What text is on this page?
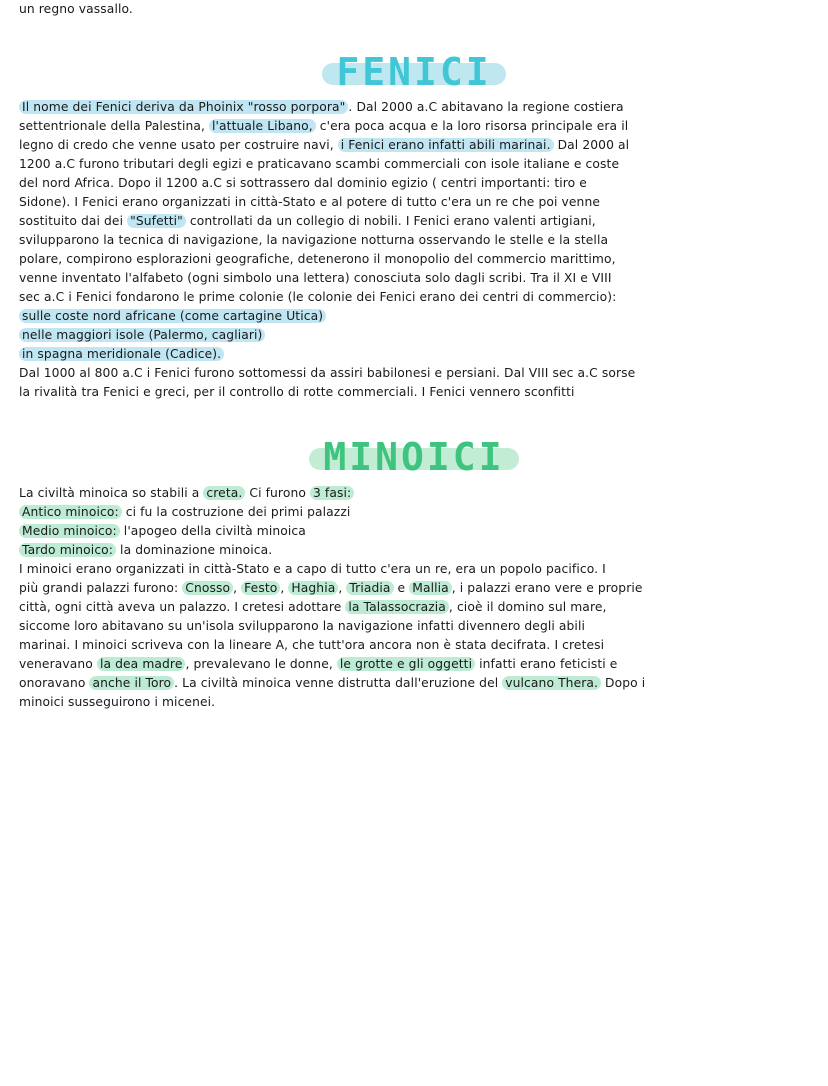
un regno vassallo.
FENICI
Il nome dei Fenici deriva da Phoinix "rosso porpora" . Dal 2000 a.C abitavano la regione costiera
settentrionale della Palestina, l'attuale Libano, c'era poca acqua e la loro risorsa principale era il
legno di credo che venne usato per costruire navi, i Fenici erano infatti abili marinai. Dal 2000 al
1200 a.C furono tributari degli egizi e praticavano scambi commerciali con isole italiane e coste
del nord Africa. Dopo il 1200 a.C si sottrassero dal dominio egizio ( centri importanti: tiro e
Sidone). I Fenici erano organizzati in città-Stato e al potere di tutto c'era un re che poi venne
sostituito dai dei "Sufetti" controllati da un collegio di nobili. I Fenici erano valenti artigiani,
svilupparono la tecnica di navigazione, la navigazione notturna osservando le stelle e la stella
polare, compirono esplorazioni geografiche, detenerono il monopolio del commercio marittimo,
venne inventato l'alfabeto (ogni simbolo una lettera) conosciuta solo dagli scribi. Tra il XI e VIII
sec a.C i Fenici fondarono le prime colonie (le colonie dei Fenici erano dei centri di commercio):
sulle coste nord africane (come cartagine Utica)
nelle maggiori isole (Palermo, cagliari)
in spagna meridionale (Cadice).
Dal 1000 al 800 a.C i Fenici furono sottomessi da assiri babilonesi e persiani. Dal VIII sec a.C sorse
la rivalità tra Fenici e greci, per il controllo di rotte commerciali. I Fenici vennero sconfitti
MINOICI
La civiltà minoica so stabili a creta. Ci furono 3 fasi:
Antico minoico: ci fu la costruzione dei primi palazzi
Medio minoico: l'apogeo della civiltà minoica
Tardo minoico: la dominazione minoica.
I minoici erano organizzati in città-Stato e a capo di tutto c'era un re, era un popolo pacifico. I
più grandi palazzi furono: Cnosso , Festo , Haghia , Triadia e Mallia , i palazzi erano vere e proprie
città, ogni città aveva un palazzo. I cretesi adottare la Talassocrazia , cioè il domino sul mare,
siccome loro abitavano su un'isola svilupparono la navigazione infatti divennero degli abili
marinai. I minoici scriveva con la lineare A, che tutt'ora ancora non è stata decifrata. I cretesi
veneravano la dea madre , prevalevano le donne, le grotte e gli oggetti infatti erano feticisti e
onoravano anche il Toro . La civiltà minoica venne distrutta dall'eruzione del vulcano Thera. Dopo i
minoici susseguirono i micenei.
